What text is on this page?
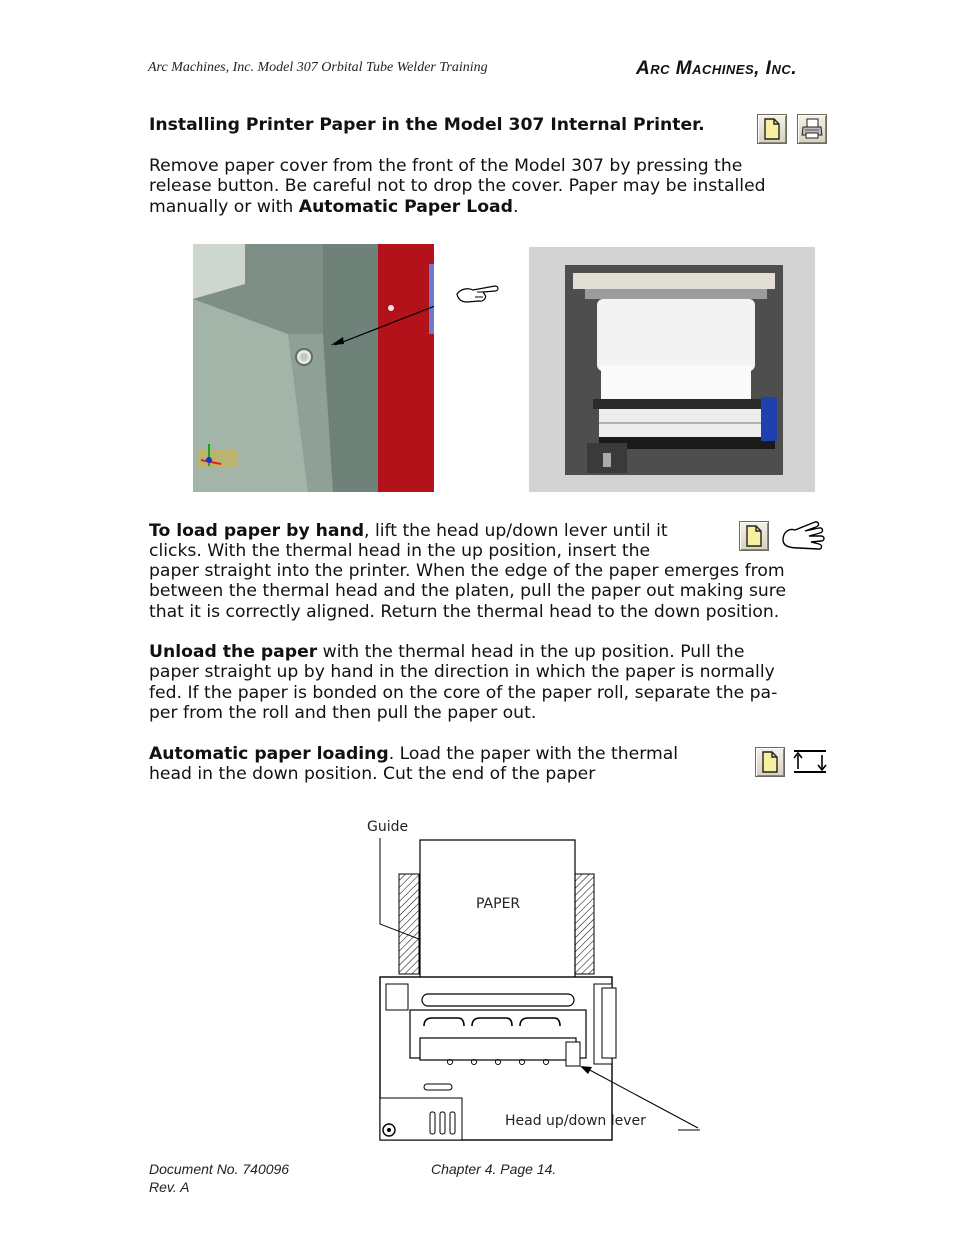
Arc Machines, Inc. Model 307 Orbital Tube Welder Training	Arc Machines, Inc.
Installing Printer Paper in the Model 307 Internal Printer.
Remove paper cover from the front of the Model 307 by pressing the
release button. Be careful not to drop the cover. Paper may be installed
manually or with Automatic Paper Load.
To load paper by hand, lift the head up/down lever until it
clicks. With the thermal head in the up position, insert the
paper straight into the printer. When the edge of the paper emerges from
between the thermal head and the platen, pull the paper out making sure
that it is correctly aligned. Return the thermal head to the down position.
Unload the paper with the thermal head in the up position. Pull the
paper straight up by hand in the direction in which the paper is normally
fed. If the paper is bonded on the core of the paper roll, separate the pa-
per from the roll and then pull the paper out.
Automatic paper loading. Load the paper with the thermal
head in the down position. Cut the end of the paper
Guide
PAPER
Head up/down lever
Document No. 740096
Rev. A
Chapter 4. Page 14.
